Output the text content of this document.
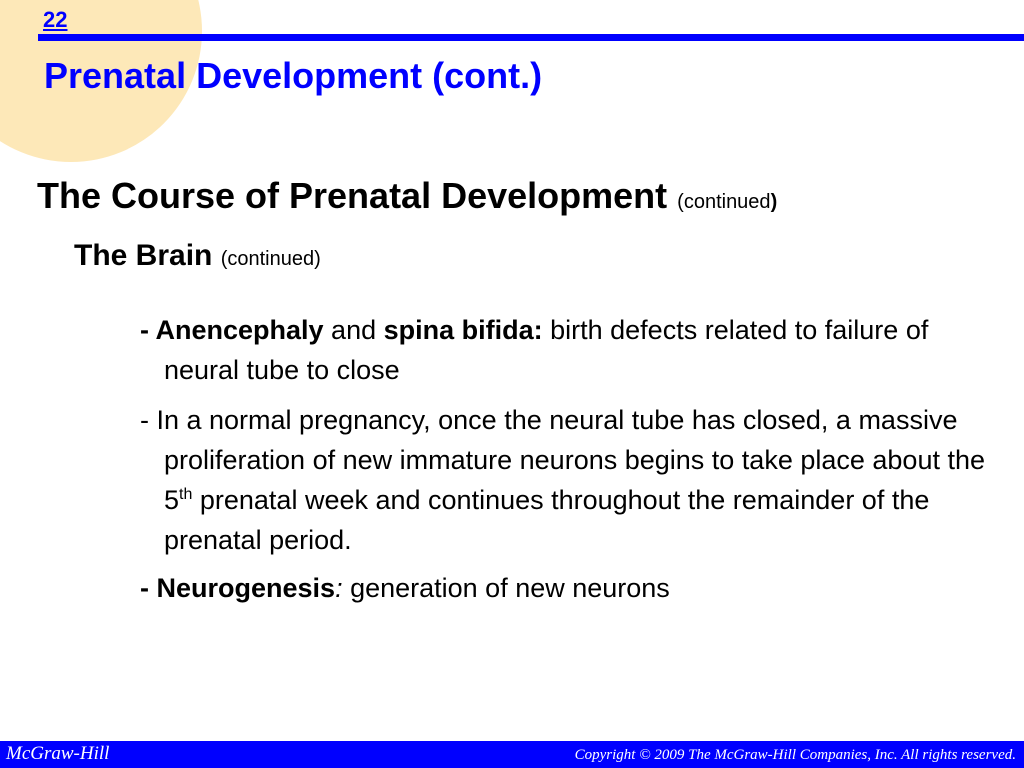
22
Prenatal Development (cont.)
The Course of Prenatal Development (continued)
The Brain (continued)

- Anencephaly and spina bifida: birth defects related to failure of neural tube to close

- In a normal pregnancy, once the neural tube has closed, a massive proliferation of new immature neurons begins to take place about the 5th prenatal week and continues throughout the remainder of the prenatal period.

- Neurogenesis: generation of new neurons

McGraw-Hill	Copyright © 2009 The McGraw-Hill Companies, Inc. All rights reserved.
